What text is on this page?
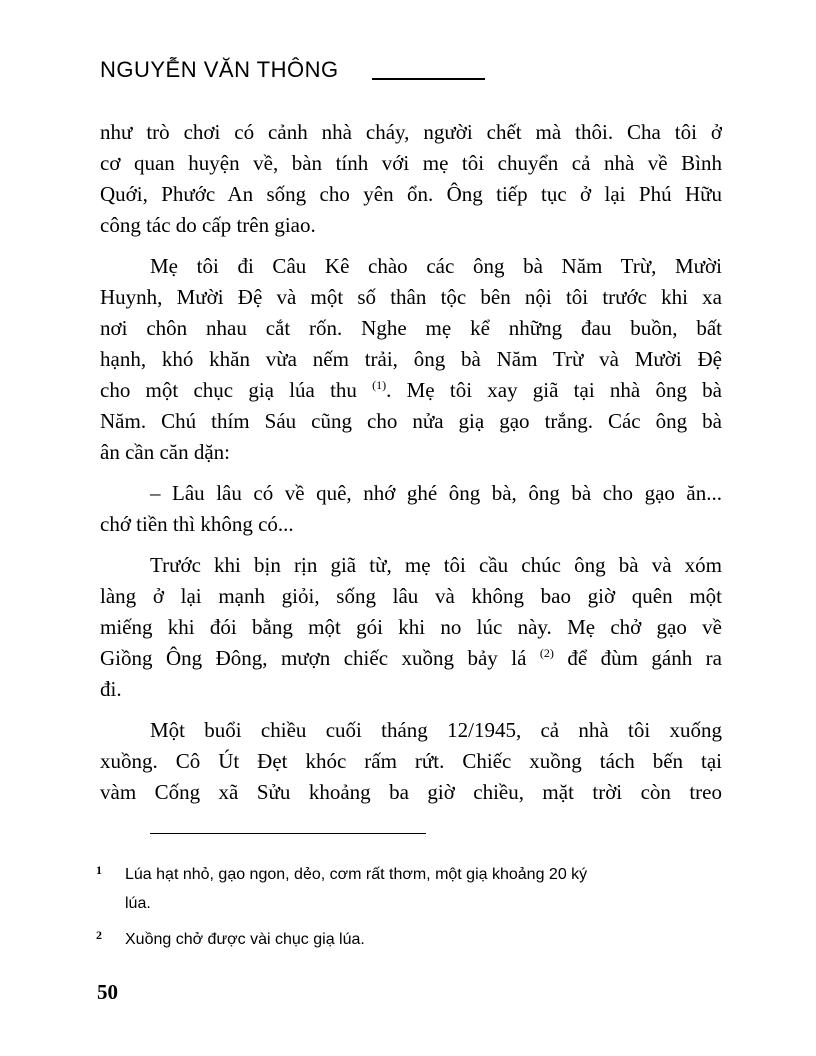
NGUYỄN VĂN THÔNG
như trò chơi có cảnh nhà cháy, người chết mà thôi. Cha tôi ở
cơ quan huyện về, bàn tính với mẹ tôi chuyển cả nhà về Bình
Quới, Phước An sống cho yên ổn. Ông tiếp tục ở lại Phú Hữu
công tác do cấp trên giao.
Mẹ tôi đi Câu Kê chào các ông bà Năm Trừ, Mười
Huynh, Mười Đệ và một số thân tộc bên nội tôi trước khi xa
nơi chôn nhau cắt rốn. Nghe mẹ kể những đau buồn, bất
hạnh, khó khăn vừa nếm trải, ông bà Năm Trừ và Mười Đệ
cho một chục giạ lúa thu $^{(1)}$. Mẹ tôi xay giã tại nhà ông bà
Năm. Chú thím Sáu cũng cho nửa giạ gạo trắng. Các ông bà
ân cần căn dặn:
– Lâu lâu có về quê, nhớ ghé ông bà, ông bà cho gạo ăn...
chớ tiền thì không có...
Trước khi bịn rịn giã từ, mẹ tôi cầu chúc ông bà và xóm
làng ở lại mạnh giỏi, sống lâu và không bao giờ quên một
miếng khi đói bằng một gói khi no lúc này. Mẹ chở gạo về
Giồng Ông Đông, mượn chiếc xuồng bảy lá $^{(2)}$ để đùm gánh ra
đi.
Một buổi chiều cuối tháng 12/1945, cả nhà tôi xuống
xuồng. Cô Út Đẹt khóc rấm rứt. Chiếc xuồng tách bến tại
vàm Cống xã Sửu khoảng ba giờ chiều, mặt trời còn treo
1 Lúa hạt nhỏ, gạo ngon, dẻo, cơm rất thơm, một giạ khoảng 20 ký
lúa.
2 Xuồng chở được vài chục giạ lúa.
50
